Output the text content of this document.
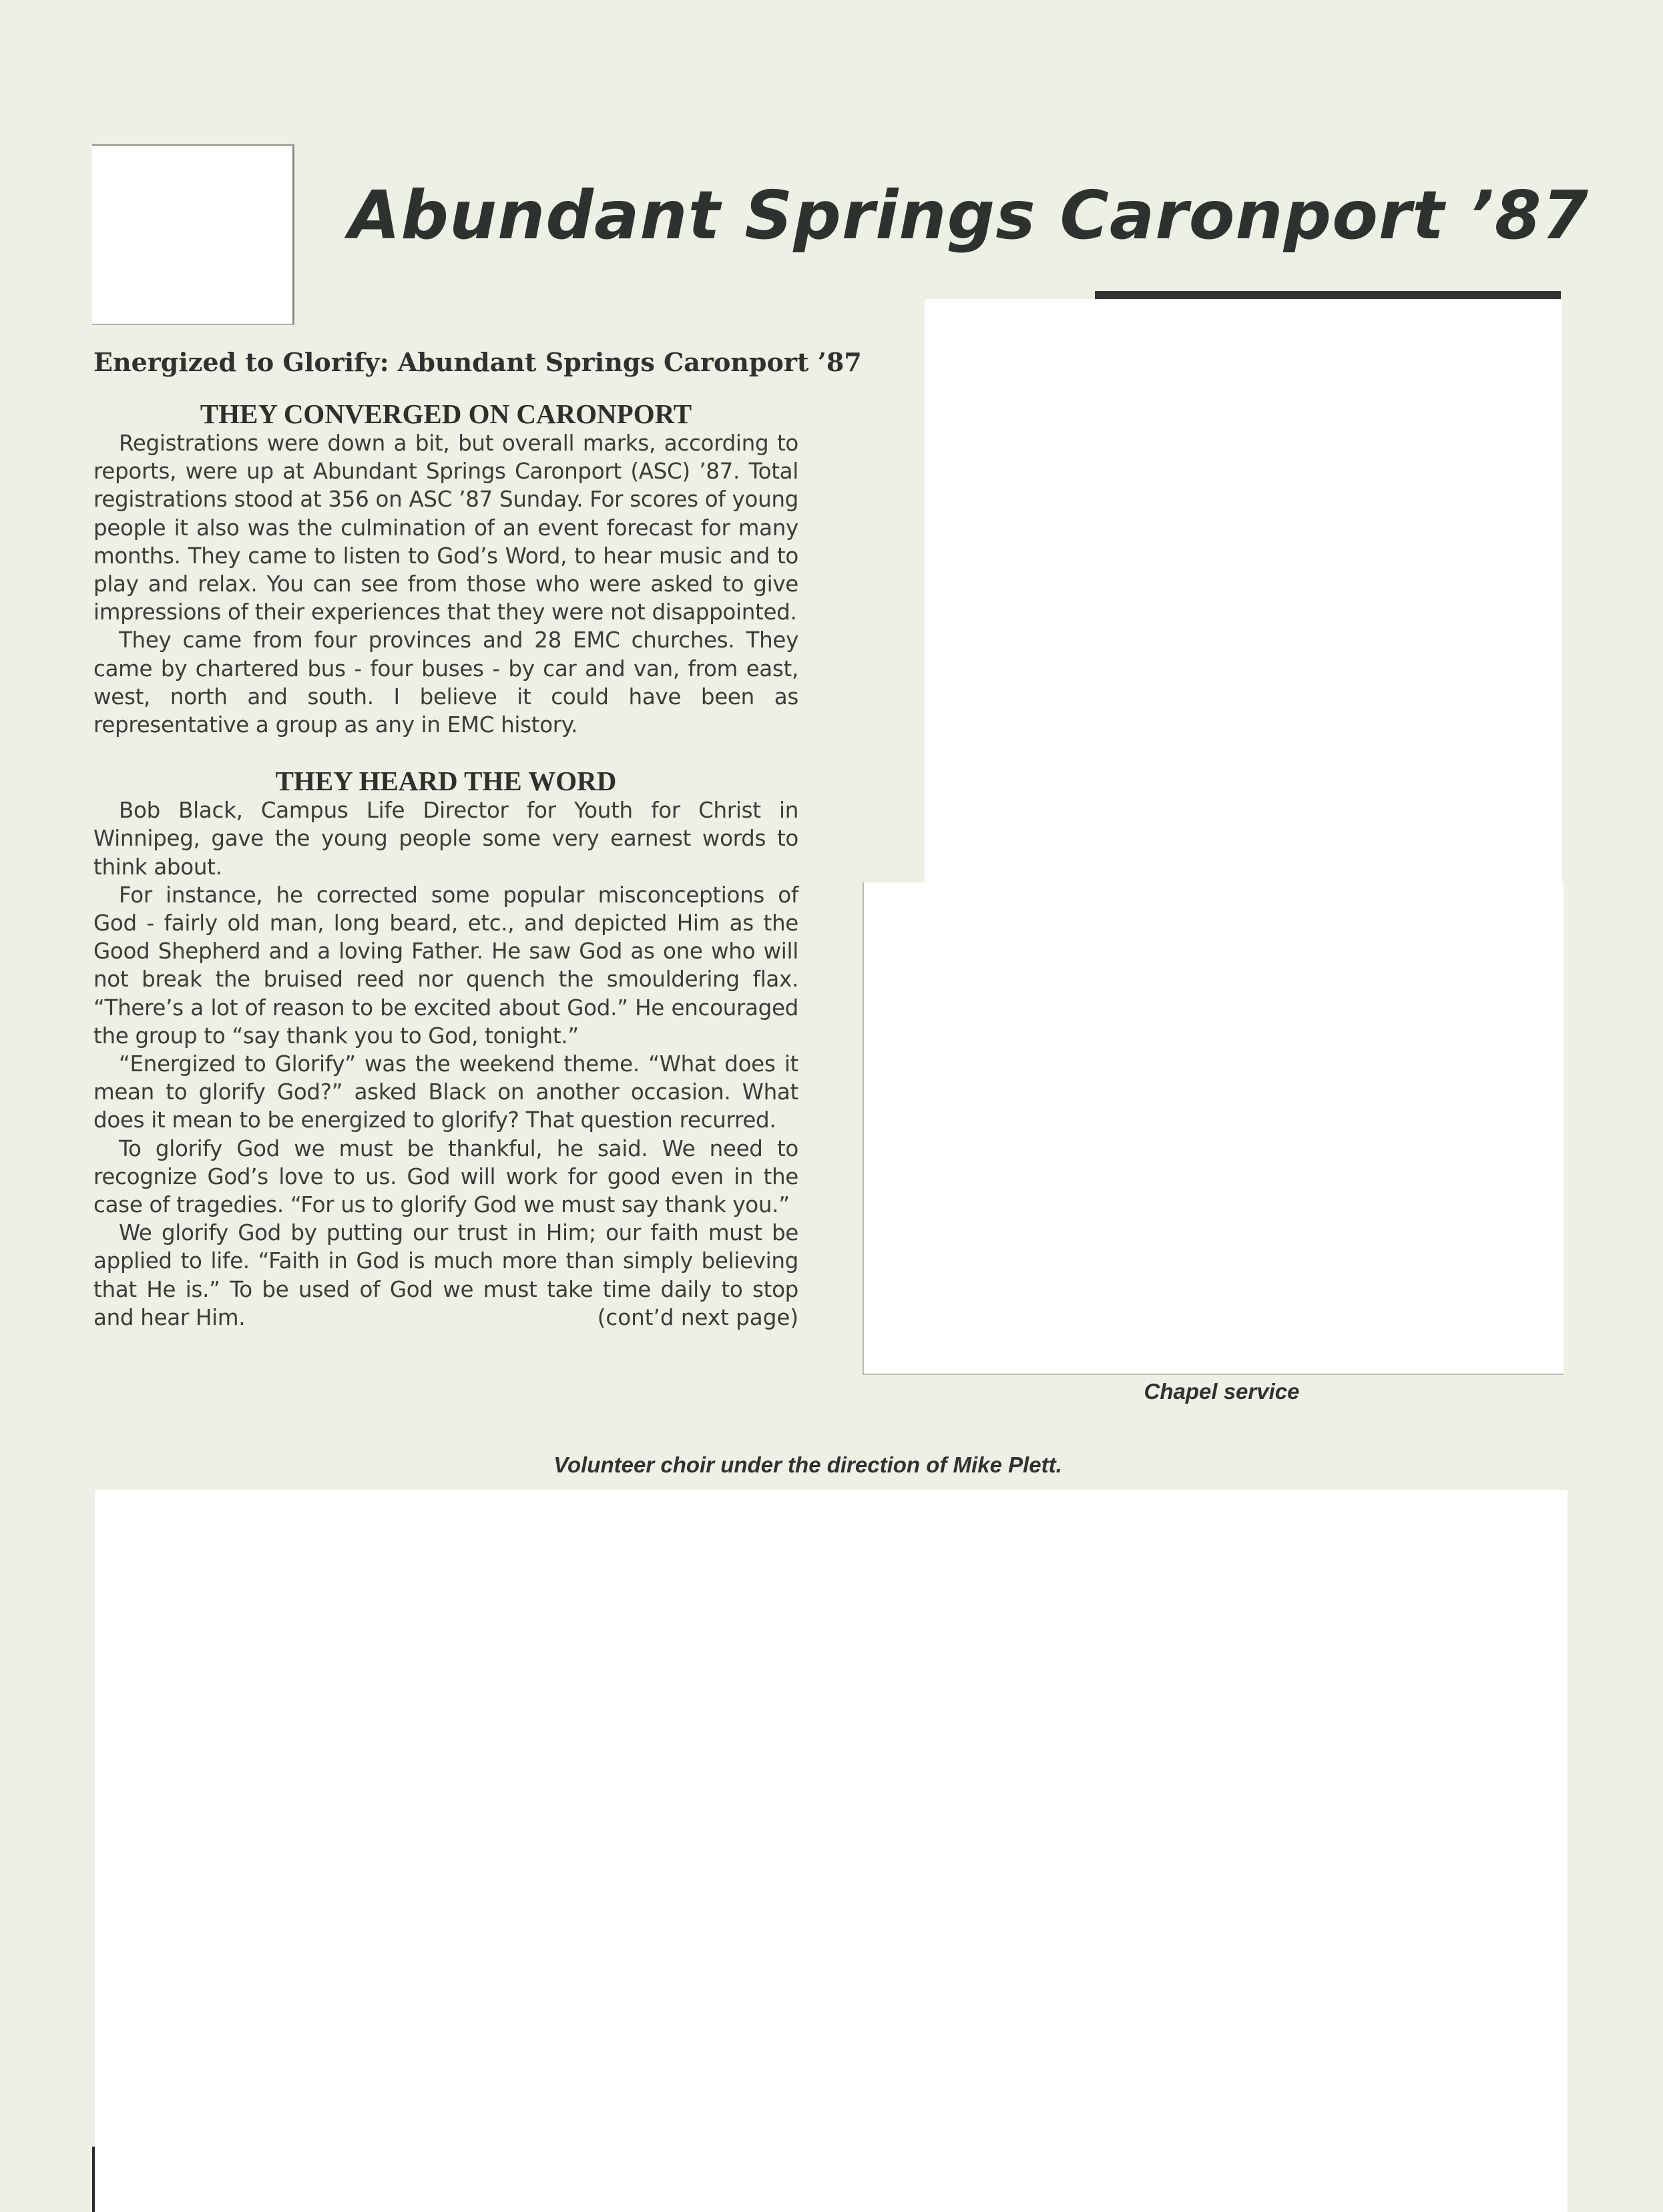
Abundant Springs Caronport ’87
Chapel service
Energized to Glorify: Abundant Springs Caronport ’87
THEY CONVERGED ON CARONPORT

Registrations were down a bit, but overall marks, according to reports, were up at Abundant Springs Caronport (ASC) ’87. Total registrations stood at 356 on ASC ’87 Sunday. For scores of young people it also was the culmination of an event forecast for many months. They came to listen to God’s Word, to hear music and to play and relax. You can see from those who were asked to give impressions of their experiences that they were not disappointed.

They came from four provinces and 28 EMC churches. They came by chartered bus - four buses - by car and van, from east, west, north and south. I believe it could have been as representative a group as any in EMC history.

THEY HEARD THE WORD

Bob Black, Campus Life Director for Youth for Christ in Winnipeg, gave the young people some very earnest words to think about.

For instance, he corrected some popular misconceptions of God - fairly old man, long beard, etc., and depicted Him as the Good Shepherd and a loving Father. He saw God as one who will not break the bruised reed nor quench the smouldering flax. “There’s a lot of reason to be excited about God.” He encouraged the group to “say thank you to God, tonight.”

“Energized to Glorify” was the weekend theme. “What does it mean to glorify God?” asked Black on another occasion. What does it mean to be energized to glorify? That question recurred.

To glorify God we must be thankful, he said. We need to recognize God’s love to us. God will work for good even in the case of tragedies. “For us to glorify God we must say thank you.”

We glorify God by putting our trust in Him; our faith must be applied to life. “Faith in God is much more than simply believing that He is.” To be used of God we must take time daily to stop and hear Him.	(cont’d next page)
Volunteer choir under the direction of Mike Plett.
